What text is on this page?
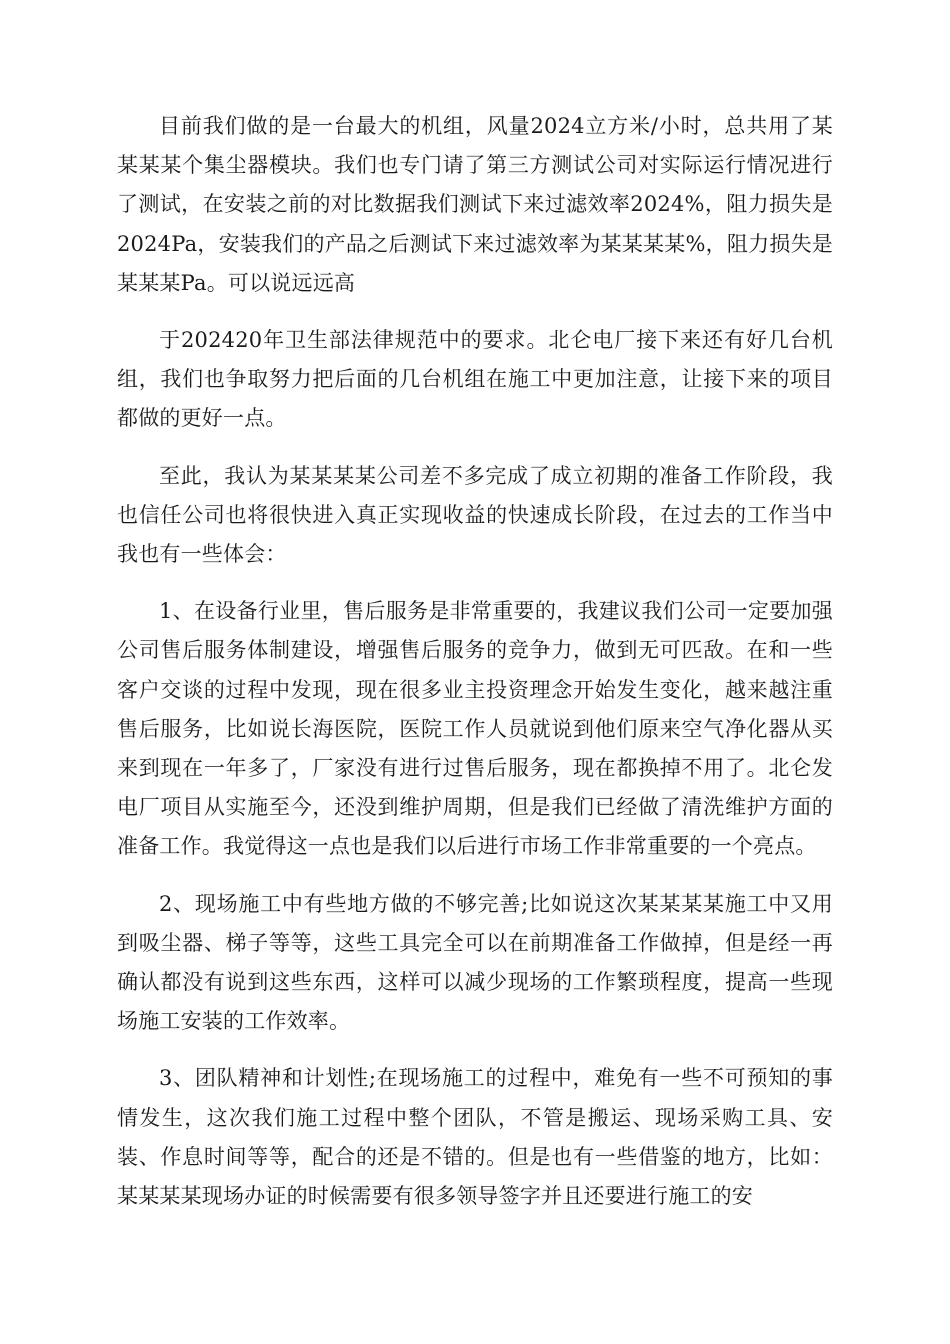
目前我们做的是一台最大的机组，风量2024立方米/小时，总共用了某某某某个集尘器模块。我们也专门请了第三方测试公司对实际运行情况进行了测试，在安装之前的对比数据我们测试下来过滤效率2024%，阻力损失是2024Pa，安装我们的产品之后测试下来过滤效率为某某某某%，阻力损失是某某某Pa。可以说远远高

于202420年卫生部法律规范中的要求。北仑电厂接下来还有好几台机组，我们也争取努力把后面的几台机组在施工中更加注意，让接下来的项目都做的更好一点。

至此，我认为某某某某公司差不多完成了成立初期的准备工作阶段，我也信任公司也将很快进入真正实现收益的快速成长阶段，在过去的工作当中我也有一些体会：

1、在设备行业里，售后服务是非常重要的，我建议我们公司一定要加强公司售后服务体制建设，增强售后服务的竞争力，做到无可匹敌。在和一些客户交谈的过程中发现，现在很多业主投资理念开始发生变化，越来越注重售后服务，比如说长海医院，医院工作人员就说到他们原来空气净化器从买来到现在一年多了，厂家没有进行过售后服务，现在都换掉不用了。北仑发电厂项目从实施至今，还没到维护周期，但是我们已经做了清洗维护方面的准备工作。我觉得这一点也是我们以后进行市场工作非常重要的一个亮点。

2、现场施工中有些地方做的不够完善;比如说这次某某某某施工中又用到吸尘器、梯子等等，这些工具完全可以在前期准备工作做掉，但是经一再确认都没有说到这些东西，这样可以减少现场的工作繁琐程度，提高一些现场施工安装的工作效率。

3、团队精神和计划性;在现场施工的过程中，难免有一些不可预知的事情发生，这次我们施工过程中整个团队，不管是搬运、现场采购工具、安装、作息时间等等，配合的还是不错的。但是也有一些借鉴的地方，比如：某某某某现场办证的时候需要有很多领导签字并且还要进行施工的安
